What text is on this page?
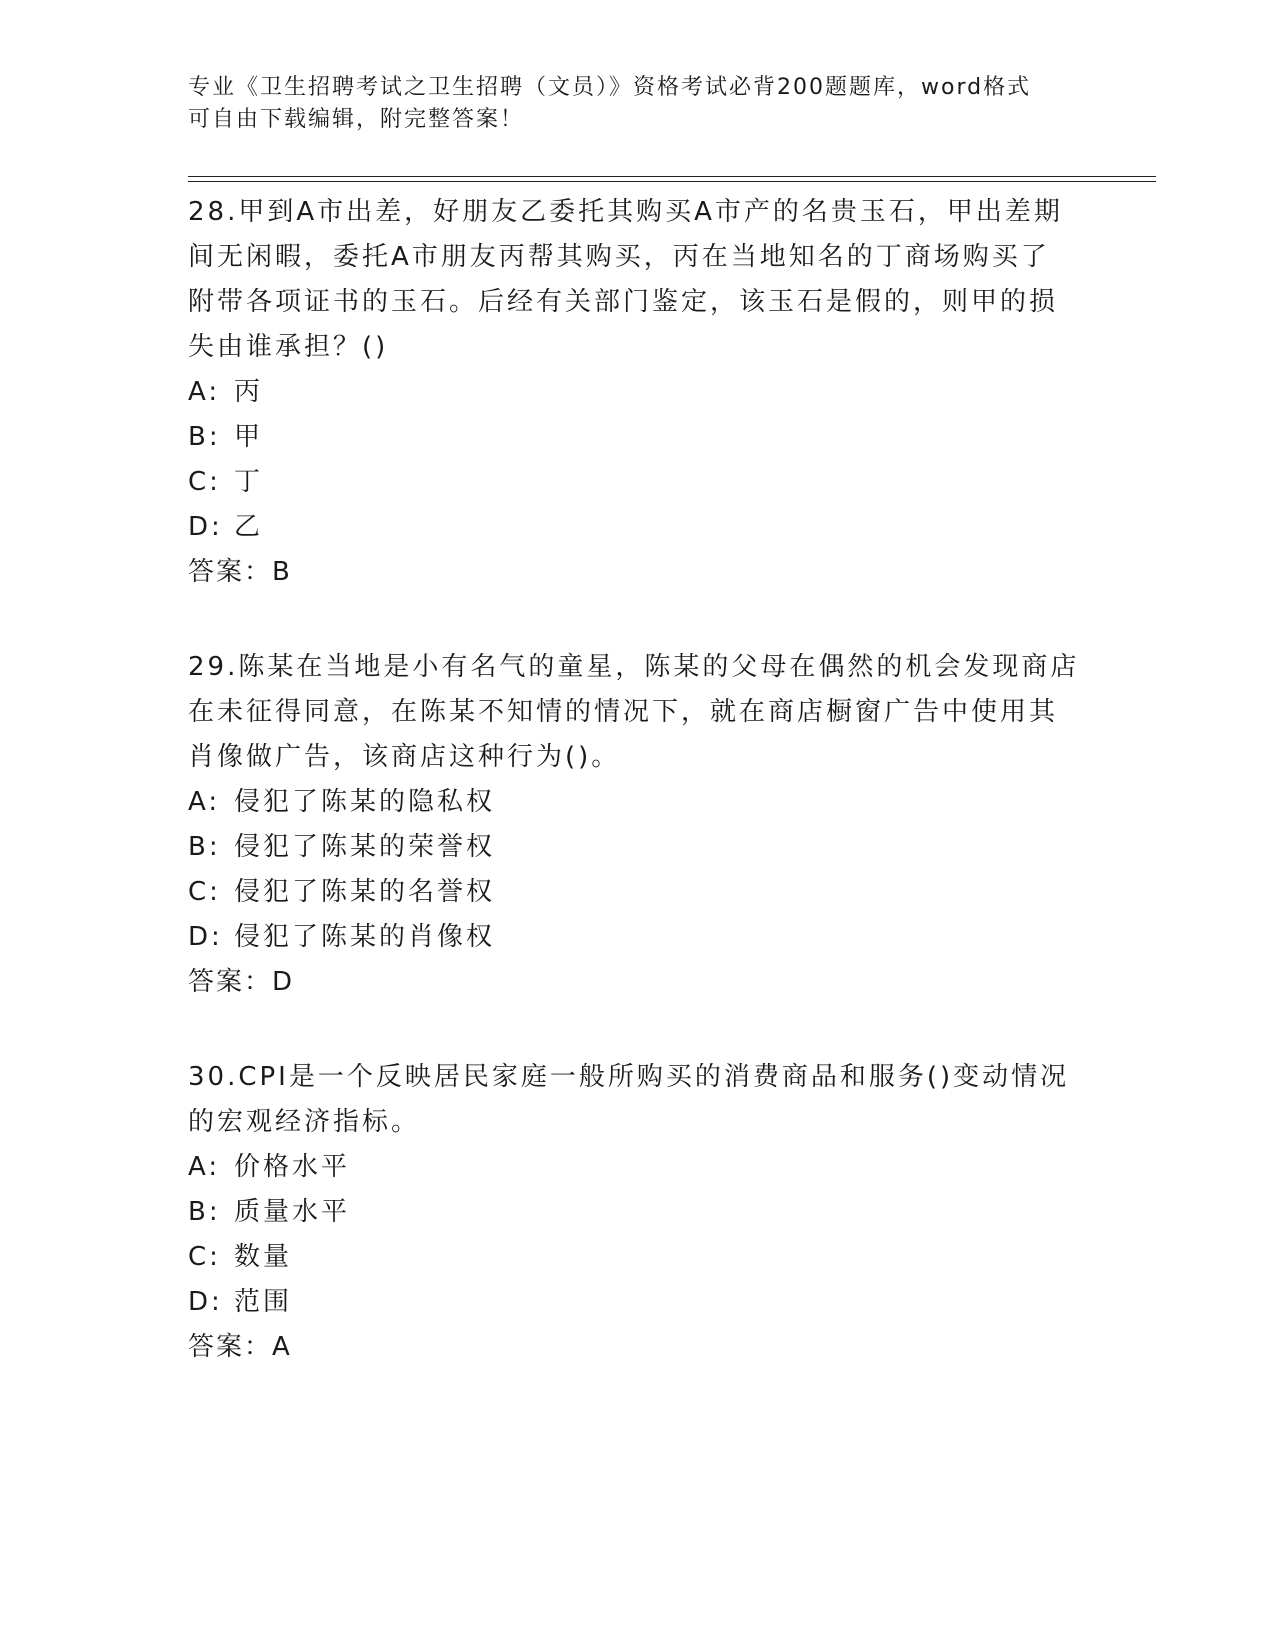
专业《卫生招聘考试之卫生招聘（文员）》资格考试必背200题题库，word格式
可自由下载编辑，附完整答案！

28.甲到A市出差，好朋友乙委托其购买A市产的名贵玉石，甲出差期

间无闲暇，委托A市朋友丙帮其购买，丙在当地知名的丁商场购买了

附带各项证书的玉石。后经有关部门鉴定，该玉石是假的，则甲的损

失由谁承担？()

A: 丙
B: 甲
C: 丁
D: 乙

答案：B

29.陈某在当地是小有名气的童星，陈某的父母在偶然的机会发现商店

在未征得同意，在陈某不知情的情况下，就在商店橱窗广告中使用其

肖像做广告，该商店这种行为()。

A: 侵犯了陈某的隐私权
B: 侵犯了陈某的荣誉权
C: 侵犯了陈某的名誉权
D: 侵犯了陈某的肖像权

答案：D

30.CPI是一个反映居民家庭一般所购买的消费商品和服务()变动情况

的宏观经济指标。

A: 价格水平
B: 质量水平
C: 数量
D: 范围

答案：A
